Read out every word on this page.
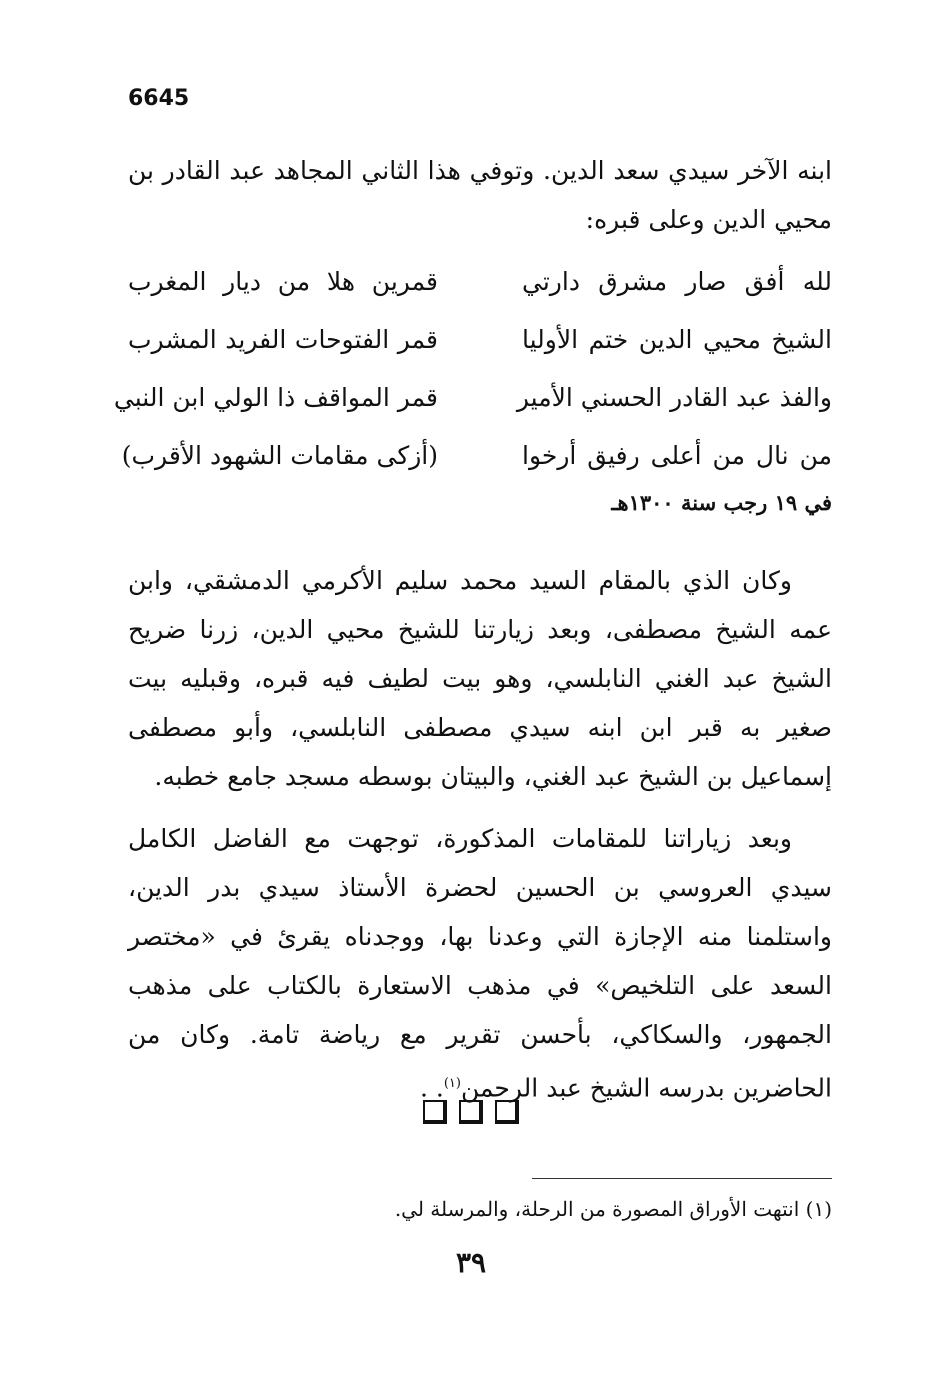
6645
ابنه الآخر سيدي سعد الدين. وتوفي هذا الثاني المجاهد عبد القادر بن محيي الدين وعلى قبره:
لله أفق صار مشرق دارتي
قمرين هلا من ديار المغرب
الشيخ محيي الدين ختم الأوليا
قمر الفتوحات الفريد المشرب
والفذ عبد القادر الحسني الأمير
قمر المواقف ذا الولي ابن النبي
من نال من أعلى رفيق أرخوا
(أزكى مقامات الشهود الأقرب)
في ١٩ رجب سنة ١٣٠٠هـ
وكان الذي بالمقام السيد محمد سليم الأكرمي الدمشقي، وابن عمه الشيخ مصطفى، وبعد زيارتنا للشيخ محيي الدين، زرنا ضريح الشيخ عبد الغني النابلسي، وهو بيت لطيف فيه قبره، وقبليه بيت صغير به قبر ابن ابنه سيدي مصطفى النابلسي، وأبو مصطفى إسماعيل بن الشيخ عبد الغني، والبيتان بوسطه مسجد جامع خطبه.
وبعد زياراتنا للمقامات المذكورة، توجهت مع الفاضل الكامل سيدي العروسي بن الحسين لحضرة الأستاذ سيدي بدر الدين، واستلمنا منه الإجازة التي وعدنا بها، ووجدناه يقرئ في «مختصر السعد على التلخيص» في مذهب الاستعارة بالكتاب على مذهب الجمهور، والسكاكي، بأحسن تقرير مع رياضة تامة. وكان من الحاضرين بدرسه الشيخ عبد الرحمن$^{(١)}$. .
(١) انتهت الأوراق المصورة من الرحلة، والمرسلة لي.
٣٩
